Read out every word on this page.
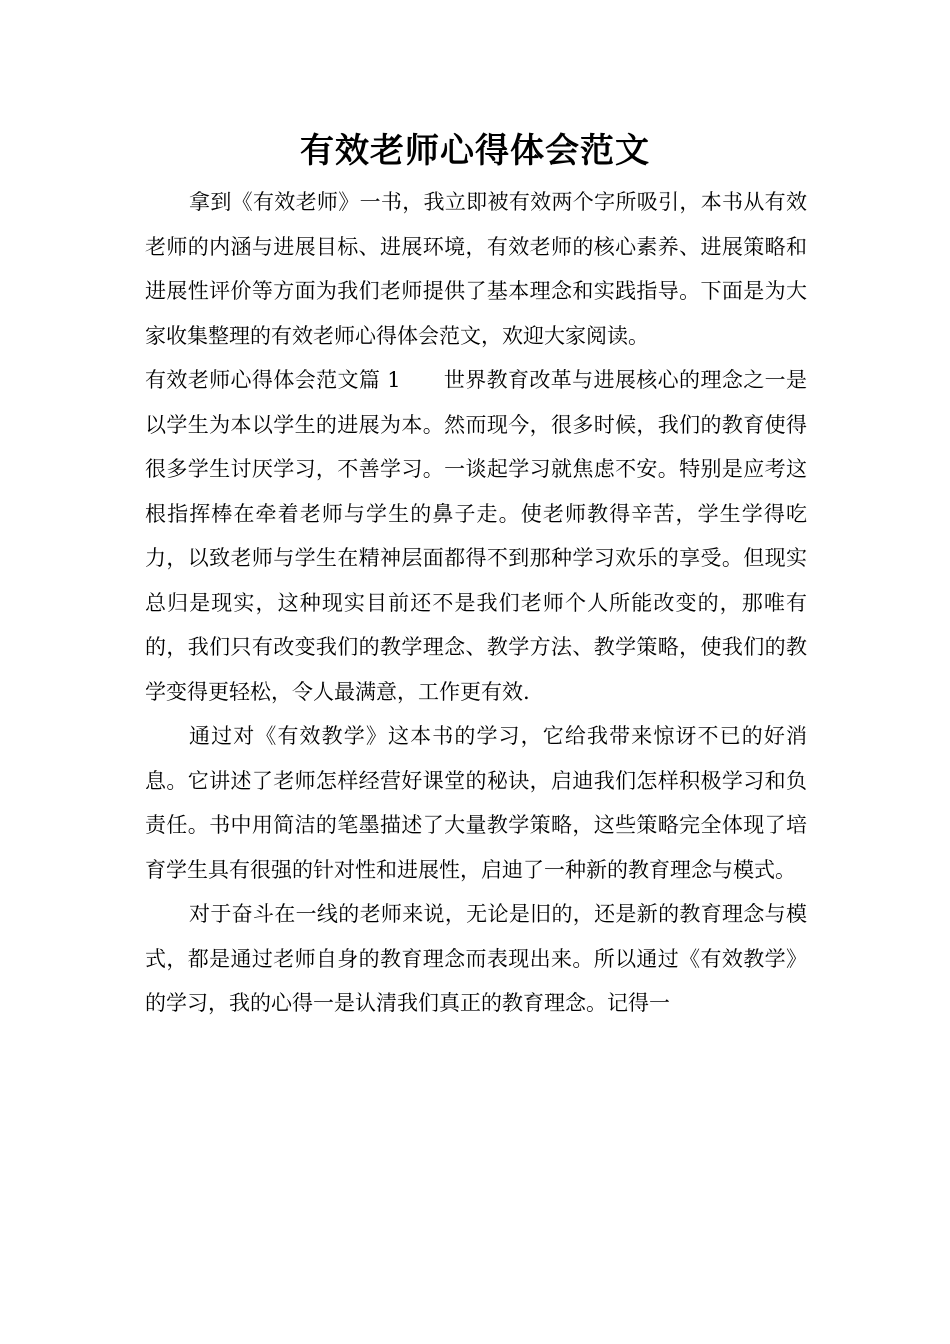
有效老师心得体会范文

拿到《有效老师》一书，我立即被有效两个字所吸引，本书从有效老师的内涵与进展目标、进展环境，有效老师的核心素养、进展策略和进展性评价等方面为我们老师提供了基本理念和实践指导。下面是为大家收集整理的有效老师心得体会范文，欢迎大家阅读。

有效老师心得体会范文篇 1　　世界教育改革与进展核心的理念之一是以学生为本以学生的进展为本。然而现今，很多时候，我们的教育使得很多学生讨厌学习，不善学习。一谈起学习就焦虑不安。特别是应考这根指挥棒在牵着老师与学生的鼻子走。使老师教得辛苦，学生学得吃力，以致老师与学生在精神层面都得不到那种学习欢乐的享受。但现实总归是现实，这种现实目前还不是我们老师个人所能改变的，那唯有的，我们只有改变我们的教学理念、教学方法、教学策略，使我们的教学变得更轻松，令人最满意，工作更有效.

通过对《有效教学》这本书的学习，它给我带来惊讶不已的好消息。它讲述了老师怎样经营好课堂的秘诀，启迪我们怎样积极学习和负责任。书中用简洁的笔墨描述了大量教学策略，这些策略完全体现了培育学生具有很强的针对性和进展性，启迪了一种新的教育理念与模式。

对于奋斗在一线的老师来说，无论是旧的，还是新的教育理念与模式，都是通过老师自身的教育理念而表现出来。所以通过《有效教学》的学习，我的心得一是认清我们真正的教育理念。记得一
